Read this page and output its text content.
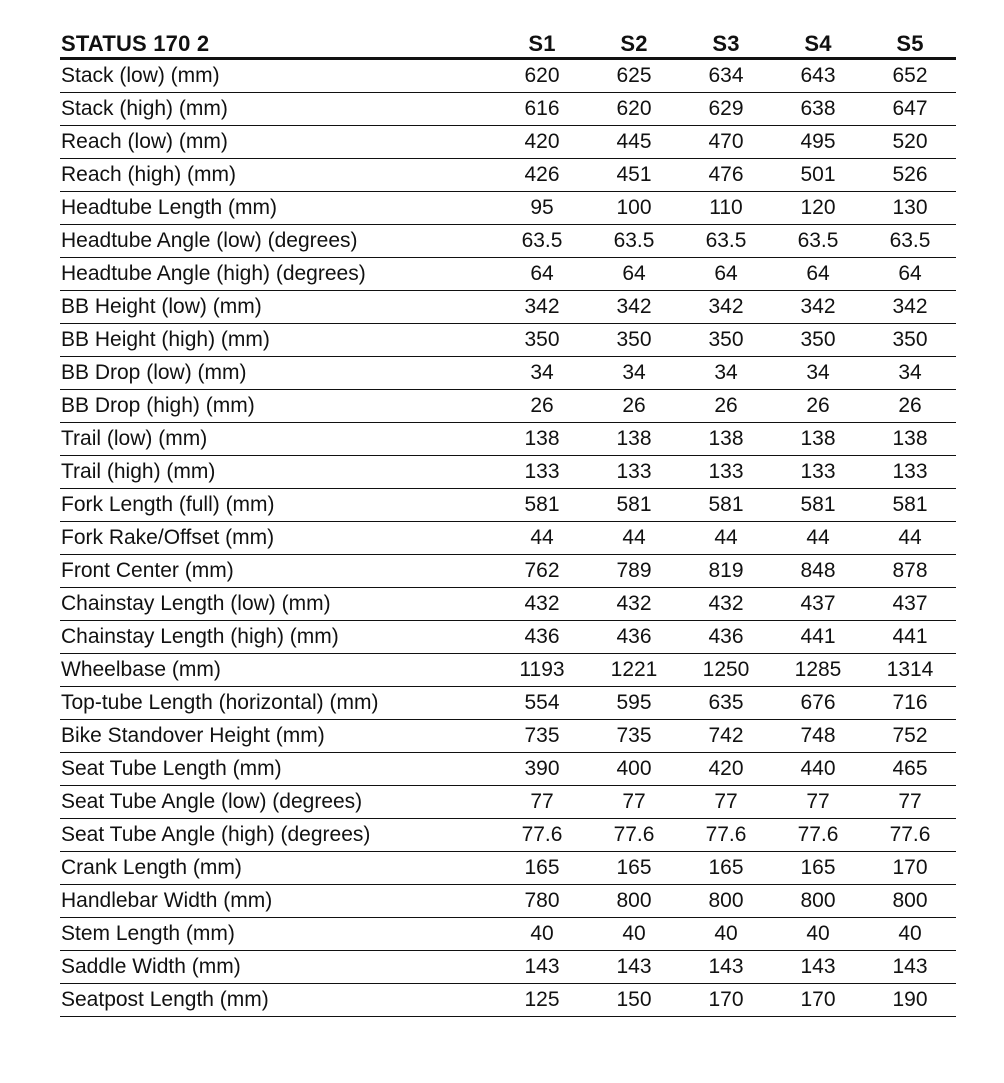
STATUS 170 2	S1	S2	S3	S4	S5
Stack (low) (mm)	620	625	634	643	652
Stack (high) (mm)	616	620	629	638	647
Reach (low) (mm)	420	445	470	495	520
Reach (high) (mm)	426	451	476	501	526
Headtube Length (mm)	95	100	110	120	130
Headtube Angle (low) (degrees)	63.5	63.5	63.5	63.5	63.5
Headtube Angle (high) (degrees)	64	64	64	64	64
BB Height (low) (mm)	342	342	342	342	342
BB Height (high) (mm)	350	350	350	350	350
BB Drop (low) (mm)	34	34	34	34	34
BB Drop (high) (mm)	26	26	26	26	26
Trail (low) (mm)	138	138	138	138	138
Trail (high) (mm)	133	133	133	133	133
Fork Length (full) (mm)	581	581	581	581	581
Fork Rake/Offset (mm)	44	44	44	44	44
Front Center (mm)	762	789	819	848	878
Chainstay Length (low) (mm)	432	432	432	437	437
Chainstay Length (high) (mm)	436	436	436	441	441
Wheelbase (mm)	1193	1221	1250	1285	1314
Top-tube Length (horizontal) (mm)	554	595	635	676	716
Bike Standover Height (mm)	735	735	742	748	752
Seat Tube Length (mm)	390	400	420	440	465
Seat Tube Angle (low) (degrees)	77	77	77	77	77
Seat Tube Angle (high) (degrees)	77.6	77.6	77.6	77.6	77.6
Crank Length (mm)	165	165	165	165	170
Handlebar Width (mm)	780	800	800	800	800
Stem Length (mm)	40	40	40	40	40
Saddle Width (mm)	143	143	143	143	143
Seatpost Length (mm)	125	150	170	170	190
